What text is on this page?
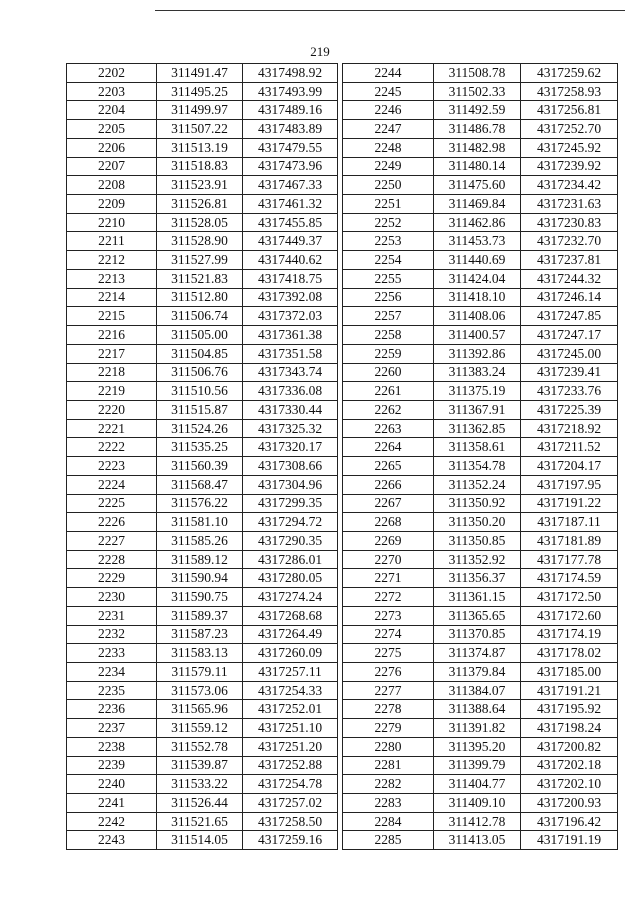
219
2202	311491.47	4317498.92
2203	311495.25	4317493.99
2204	311499.97	4317489.16
2205	311507.22	4317483.89
2206	311513.19	4317479.55
2207	311518.83	4317473.96
2208	311523.91	4317467.33
2209	311526.81	4317461.32
2210	311528.05	4317455.85
2211	311528.90	4317449.37
2212	311527.99	4317440.62
2213	311521.83	4317418.75
2214	311512.80	4317392.08
2215	311506.74	4317372.03
2216	311505.00	4317361.38
2217	311504.85	4317351.58
2218	311506.76	4317343.74
2219	311510.56	4317336.08
2220	311515.87	4317330.44
2221	311524.26	4317325.32
2222	311535.25	4317320.17
2223	311560.39	4317308.66
2224	311568.47	4317304.96
2225	311576.22	4317299.35
2226	311581.10	4317294.72
2227	311585.26	4317290.35
2228	311589.12	4317286.01
2229	311590.94	4317280.05
2230	311590.75	4317274.24
2231	311589.37	4317268.68
2232	311587.23	4317264.49
2233	311583.13	4317260.09
2234	311579.11	4317257.11
2235	311573.06	4317254.33
2236	311565.96	4317252.01
2237	311559.12	4317251.10
2238	311552.78	4317251.20
2239	311539.87	4317252.88
2240	311533.22	4317254.78
2241	311526.44	4317257.02
2242	311521.65	4317258.50
2243	311514.05	4317259.16
2244	311508.78	4317259.62
2245	311502.33	4317258.93
2246	311492.59	4317256.81
2247	311486.78	4317252.70
2248	311482.98	4317245.92
2249	311480.14	4317239.92
2250	311475.60	4317234.42
2251	311469.84	4317231.63
2252	311462.86	4317230.83
2253	311453.73	4317232.70
2254	311440.69	4317237.81
2255	311424.04	4317244.32
2256	311418.10	4317246.14
2257	311408.06	4317247.85
2258	311400.57	4317247.17
2259	311392.86	4317245.00
2260	311383.24	4317239.41
2261	311375.19	4317233.76
2262	311367.91	4317225.39
2263	311362.85	4317218.92
2264	311358.61	4317211.52
2265	311354.78	4317204.17
2266	311352.24	4317197.95
2267	311350.92	4317191.22
2268	311350.20	4317187.11
2269	311350.85	4317181.89
2270	311352.92	4317177.78
2271	311356.37	4317174.59
2272	311361.15	4317172.50
2273	311365.65	4317172.60
2274	311370.85	4317174.19
2275	311374.87	4317178.02
2276	311379.84	4317185.00
2277	311384.07	4317191.21
2278	311388.64	4317195.92
2279	311391.82	4317198.24
2280	311395.20	4317200.82
2281	311399.79	4317202.18
2282	311404.77	4317202.10
2283	311409.10	4317200.93
2284	311412.78	4317196.42
2285	311413.05	4317191.19
